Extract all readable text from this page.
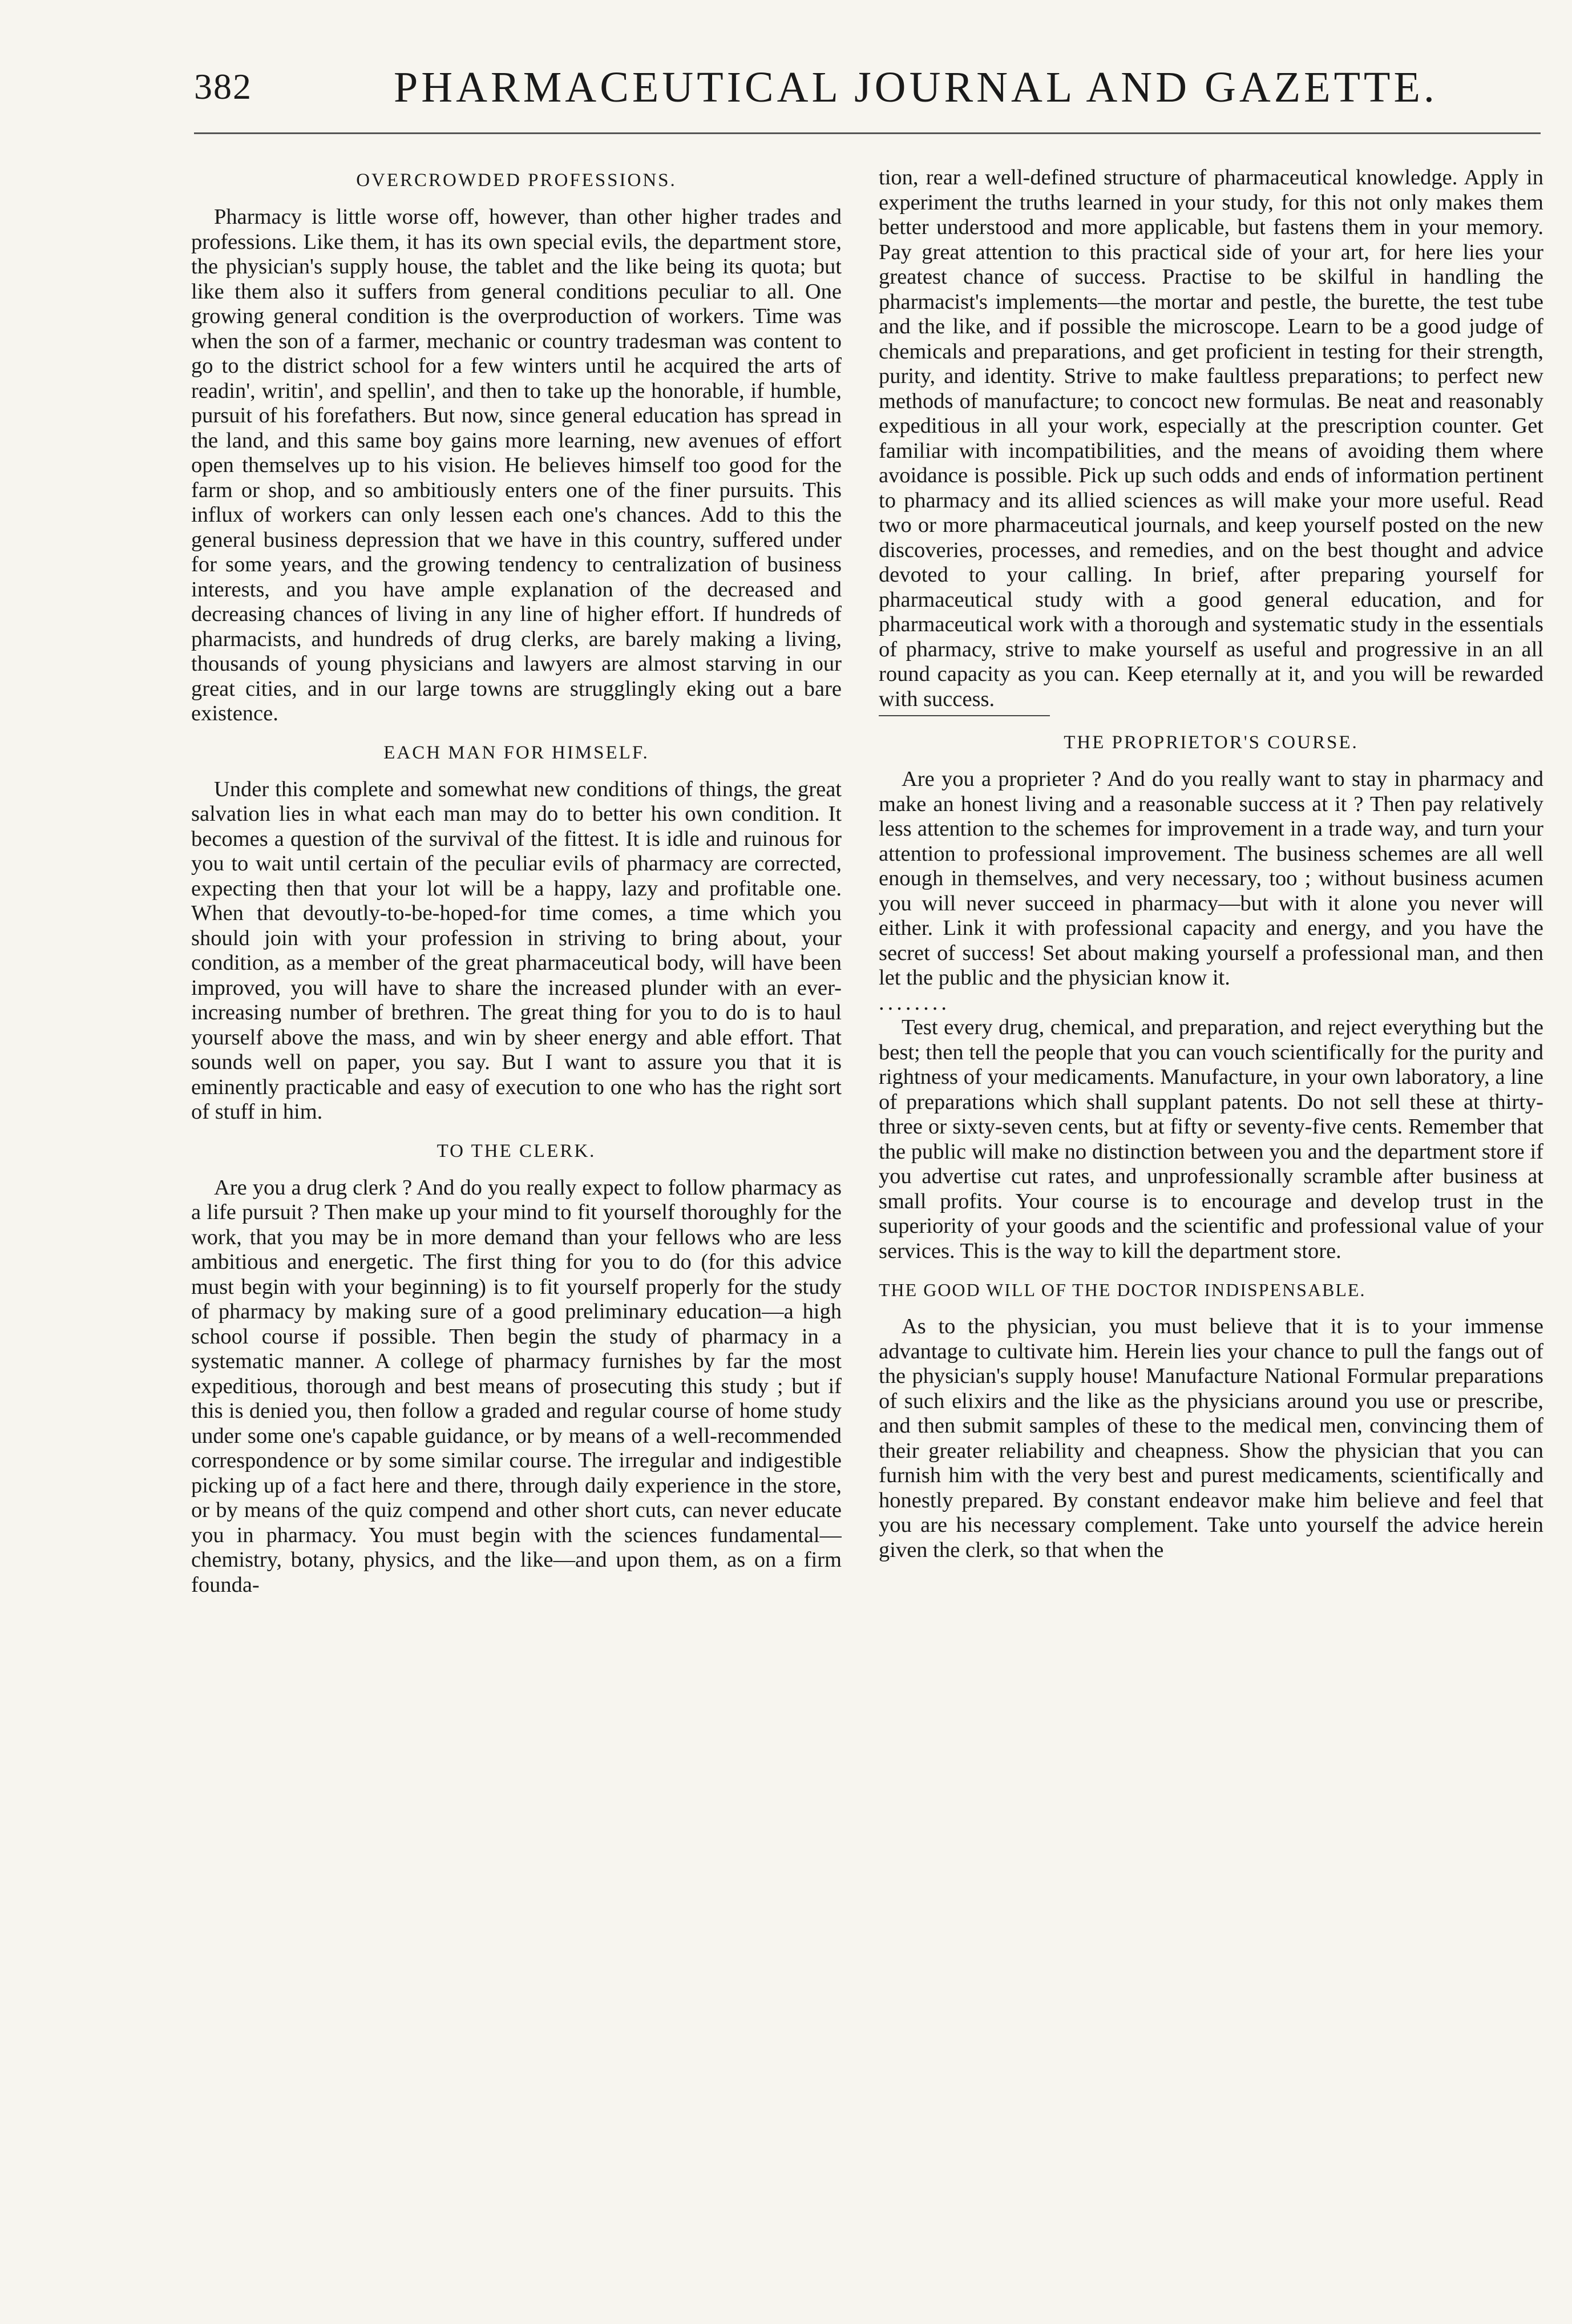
382	PHARMACEUTICAL JOURNAL AND GAZETTE.
OVERCROWDED PROFESSIONS.

Pharmacy is little worse off, however, than other higher trades and professions. Like them, it has its own special evils, the department store, the physician's supply house, the tablet and the like being its quota; but like them also it suffers from general conditions peculiar to all. One growing general condition is the overproduction of workers. Time was when the son of a farmer, mechanic or country tradesman was content to go to the district school for a few winters until he acquired the arts of readin', writin', and spellin', and then to take up the honorable, if humble, pursuit of his forefathers. But now, since general education has spread in the land, and this same boy gains more learning, new avenues of effort open themselves up to his vision. He believes himself too good for the farm or shop, and so ambitiously enters one of the finer pursuits. This influx of workers can only lessen each one's chances. Add to this the general business depression that we have in this country, suffered under for some years, and the growing tendency to centralization of business interests, and you have ample explanation of the decreased and decreasing chances of living in any line of higher effort. If hundreds of pharmacists, and hundreds of drug clerks, are barely making a living, thousands of young physicians and lawyers are almost starving in our great cities, and in our large towns are strugglingly eking out a bare existence.

EACH MAN FOR HIMSELF.

Under this complete and somewhat new conditions of things, the great salvation lies in what each man may do to better his own condition. It becomes a question of the survival of the fittest. It is idle and ruinous for you to wait until certain of the peculiar evils of pharmacy are corrected, expecting then that your lot will be a happy, lazy and profitable one. When that devoutly-to-be-hoped-for time comes, a time which you should join with your profession in striving to bring about, your condition, as a member of the great pharmaceutical body, will have been improved, you will have to share the increased plunder with an ever-increasing number of brethren. The great thing for you to do is to haul yourself above the mass, and win by sheer energy and able effort. That sounds well on paper, you say. But I want to assure you that it is eminently practicable and easy of execution to one who has the right sort of stuff in him.

TO THE CLERK.

Are you a drug clerk ? And do you really expect to follow pharmacy as a life pursuit ? Then make up your mind to fit yourself thoroughly for the work, that you may be in more demand than your fellows who are less ambitious and energetic. The first thing for you to do (for this advice must begin with your beginning) is to fit yourself properly for the study of pharmacy by making sure of a good preliminary education—a high school course if possible. Then begin the study of pharmacy in a systematic manner. A college of pharmacy furnishes by far the most expeditious, thorough and best means of prosecuting this study ; but if this is denied you, then follow a graded and regular course of home study under some one's capable guidance, or by means of a well-recommended correspondence or by some similar course. The irregular and indigestible picking up of a fact here and there, through daily experience in the store, or by means of the quiz compend and other short cuts, can never educate you in pharmacy. You must begin with the sciences fundamental—chemistry, botany, physics, and the like—and upon them, as on a firm founda-

tion, rear a well-defined structure of pharmaceutical knowledge. Apply in experiment the truths learned in your study, for this not only makes them better understood and more applicable, but fastens them in your memory. Pay great attention to this practical side of your art, for here lies your greatest chance of success. Practise to be skilful in handling the pharmacist's implements—the mortar and pestle, the burette, the test tube and the like, and if possible the microscope. Learn to be a good judge of chemicals and preparations, and get proficient in testing for their strength, purity, and identity. Strive to make faultless preparations; to perfect new methods of manufacture; to concoct new formulas. Be neat and reasonably expeditious in all your work, especially at the prescription counter. Get familiar with incompatibilities, and the means of avoiding them where avoidance is possible. Pick up such odds and ends of information pertinent to pharmacy and its allied sciences as will make your more useful. Read two or more pharmaceutical journals, and keep yourself posted on the new discoveries, processes, and remedies, and on the best thought and advice devoted to your calling. In brief, after preparing yourself for pharmaceutical study with a good general education, and for pharmaceutical work with a thorough and systematic study in the essentials of pharmacy, strive to make yourself as useful and progressive in an all round capacity as you can. Keep eternally at it, and you will be rewarded with success.

THE PROPRIETOR'S COURSE.

Are you a proprieter ? And do you really want to stay in pharmacy and make an honest living and a reasonable success at it ? Then pay relatively less attention to the schemes for improvement in a trade way, and turn your attention to professional improvement. The business schemes are all well enough in themselves, and very necessary, too ; without business acumen you will never succeed in pharmacy—but with it alone you never will either. Link it with professional capacity and energy, and you have the secret of success! Set about making yourself a professional man, and then let the public and the physician know it.

........

Test every drug, chemical, and preparation, and reject everything but the best; then tell the people that you can vouch scientifically for the purity and rightness of your medicaments. Manufacture, in your own laboratory, a line of preparations which shall supplant patents. Do not sell these at thirty-three or sixty-seven cents, but at fifty or seventy-five cents. Remember that the public will make no distinction between you and the department store if you advertise cut rates, and unprofessionally scramble after business at small profits. Your course is to encourage and develop trust in the superiority of your goods and the scientific and professional value of your services. This is the way to kill the department store.

THE GOOD WILL OF THE DOCTOR INDISPENSABLE.

As to the physician, you must believe that it is to your immense advantage to cultivate him. Herein lies your chance to pull the fangs out of the physician's supply house! Manufacture National Formular preparations of such elixirs and the like as the physicians around you use or prescribe, and then submit samples of these to the medical men, convincing them of their greater reliability and cheapness. Show the physician that you can furnish him with the very best and purest medicaments, scientifically and honestly prepared. By constant endeavor make him believe and feel that you are his necessary complement. Take unto yourself the advice herein given the clerk, so that when the
